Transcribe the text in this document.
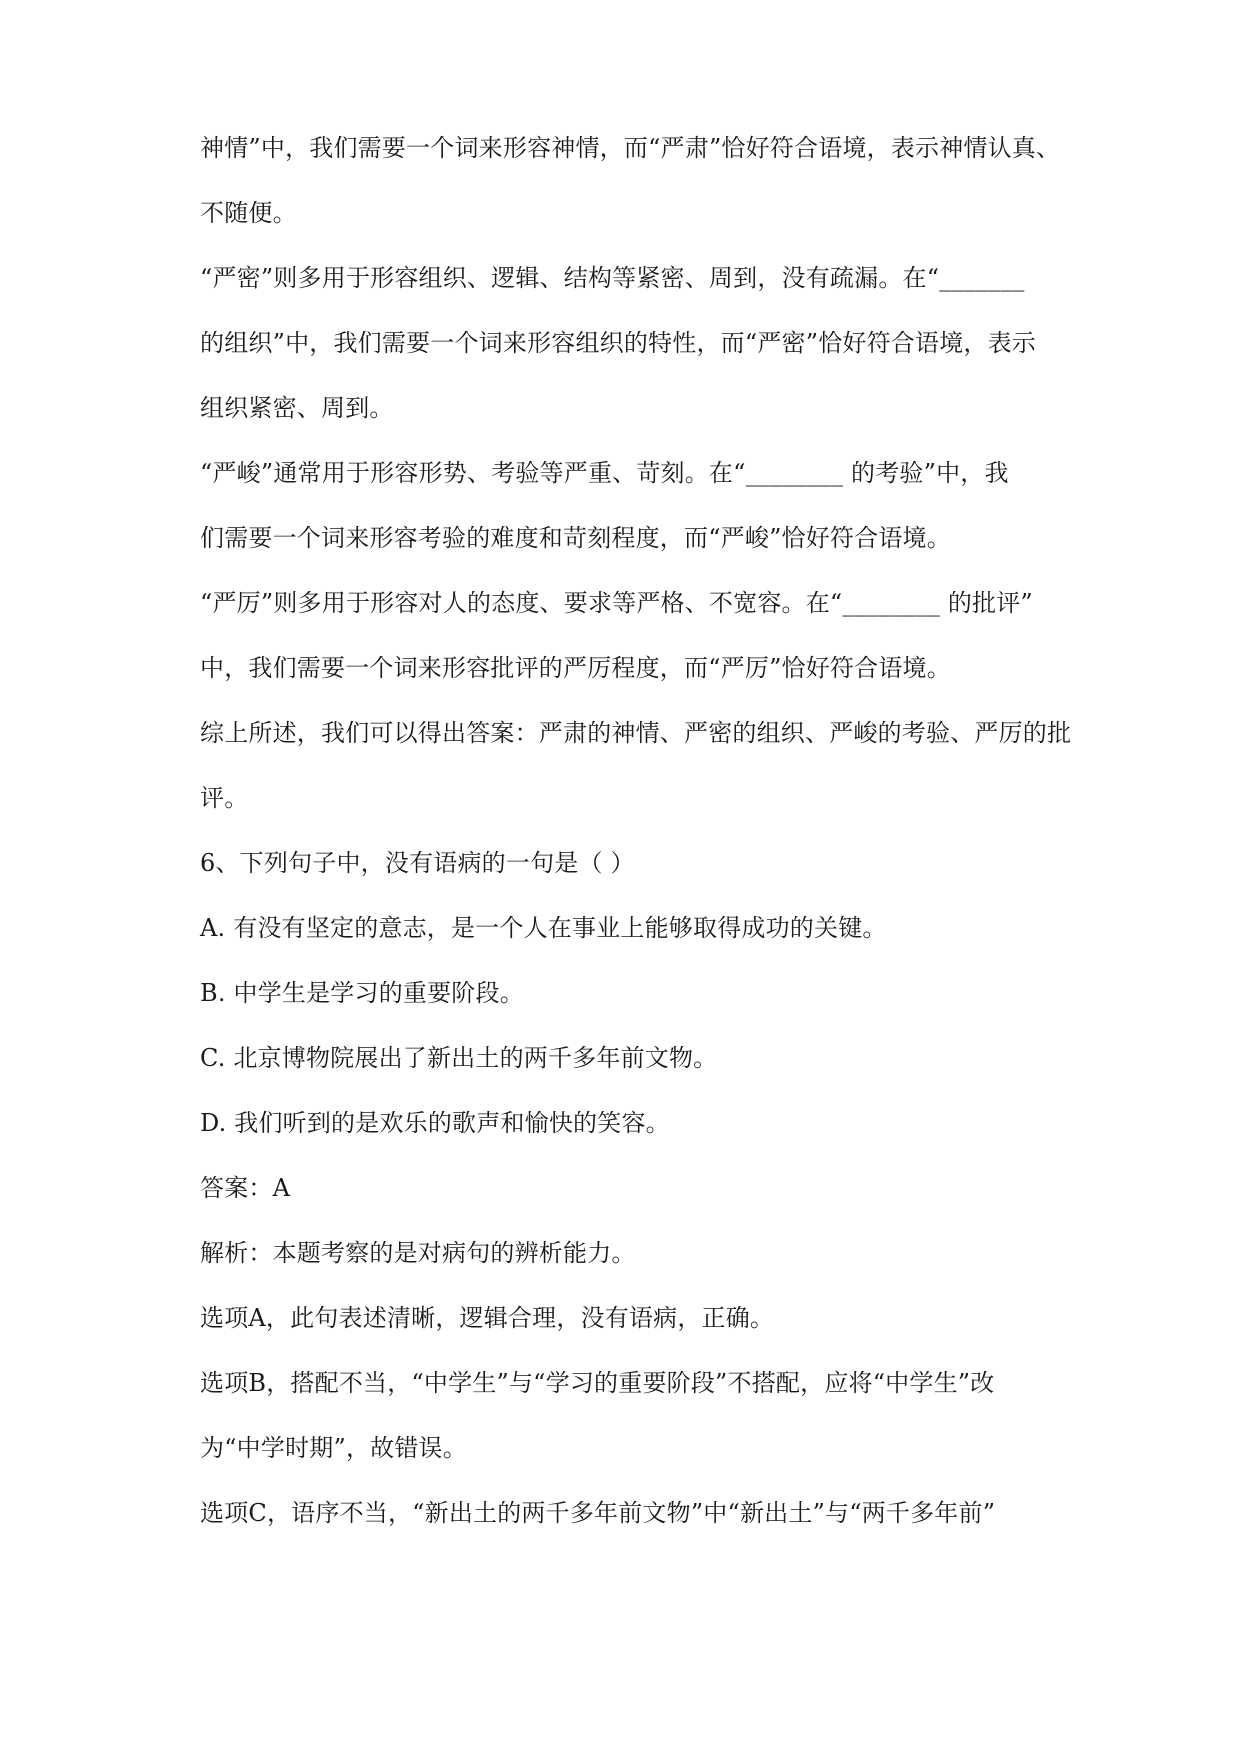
神情”中，我们需要一个词来形容神情，而“严肃”恰好符合语境，表示神情认真、
不随便。
“严密”则多用于形容组织、逻辑、结构等紧密、周到，没有疏漏。在“_______
的组织”中，我们需要一个词来形容组织的特性，而“严密”恰好符合语境，表示
组织紧密、周到。
“严峻”通常用于形容形势、考验等严重、苛刻。在“________ 的考验”中，我
们需要一个词来形容考验的难度和苛刻程度，而“严峻”恰好符合语境。
“严厉”则多用于形容对人的态度、要求等严格、不宽容。在“________ 的批评”
中，我们需要一个词来形容批评的严厉程度，而“严厉”恰好符合语境。
综上所述，我们可以得出答案：严肃的神情、严密的组织、严峻的考验、严厉的批
评。
6、下列句子中，没有语病的一句是（ ）
A. 有没有坚定的意志，是一个人在事业上能够取得成功的关键。
B. 中学生是学习的重要阶段。
C. 北京博物院展出了新出土的两千多年前文物。
D. 我们听到的是欢乐的歌声和愉快的笑容。
答案：A
解析：本题考察的是对病句的辨析能力。
选项A，此句表述清晰，逻辑合理，没有语病，正确。
选项B，搭配不当，“中学生”与“学习的重要阶段”不搭配，应将“中学生”改
为“中学时期”，故错误。
选项C，语序不当，“新出土的两千多年前文物”中“新出土”与“两千多年前”
